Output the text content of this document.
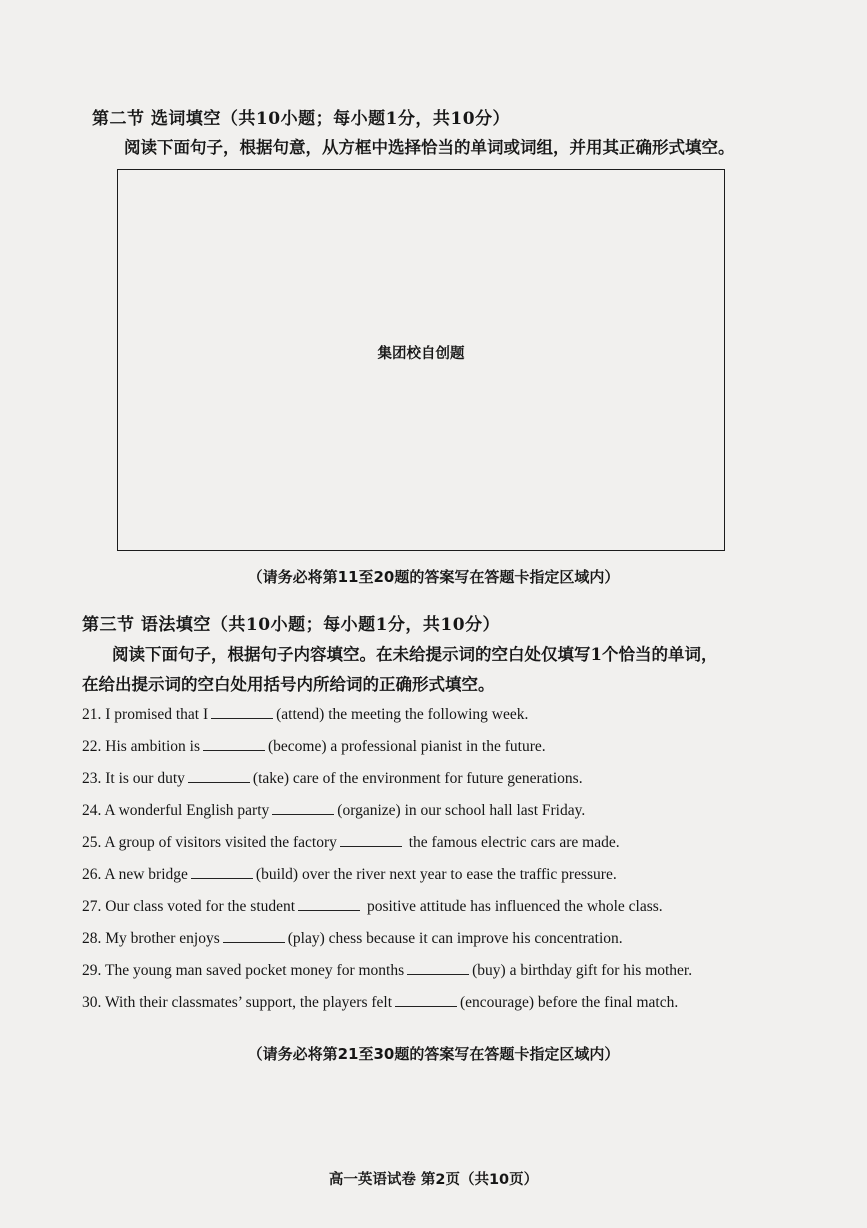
第二节 选词填空（共10小题；每小题1分，共10分）
阅读下面句子，根据句意，从方框中选择恰当的单词或词组，并用其正确形式填空。
集团校自创题
（请务必将第11至20题的答案写在答题卡指定区域内）
第三节 语法填空（共10小题；每小题1分，共10分）
阅读下面句子，根据句子内容填空。在未给提示词的空白处仅填写1个恰当的单词，
在给出提示词的空白处用括号内所给词的正确形式填空。
21. I promised that I	(attend) the meeting the following week.
22. His ambition is	(become) a professional pianist in the future.
23. It is our duty	(take) care of the environment for future generations.
24. A wonderful English party	(organize) in our school hall last Friday.
25. A group of visitors visited the factory	the famous electric cars are made.
26. A new bridge	(build) over the river next year to ease the traffic pressure.
27. Our class voted for the student	positive attitude has influenced the whole class.
28. My brother enjoys	(play) chess because it can improve his concentration.
29. The young man saved pocket money for months	(buy) a birthday gift for his mother.
30. With their classmates’ support, the players felt	(encourage) before the final match.
（请务必将第21至30题的答案写在答题卡指定区域内）
高一英语试卷 第2页（共10页）
